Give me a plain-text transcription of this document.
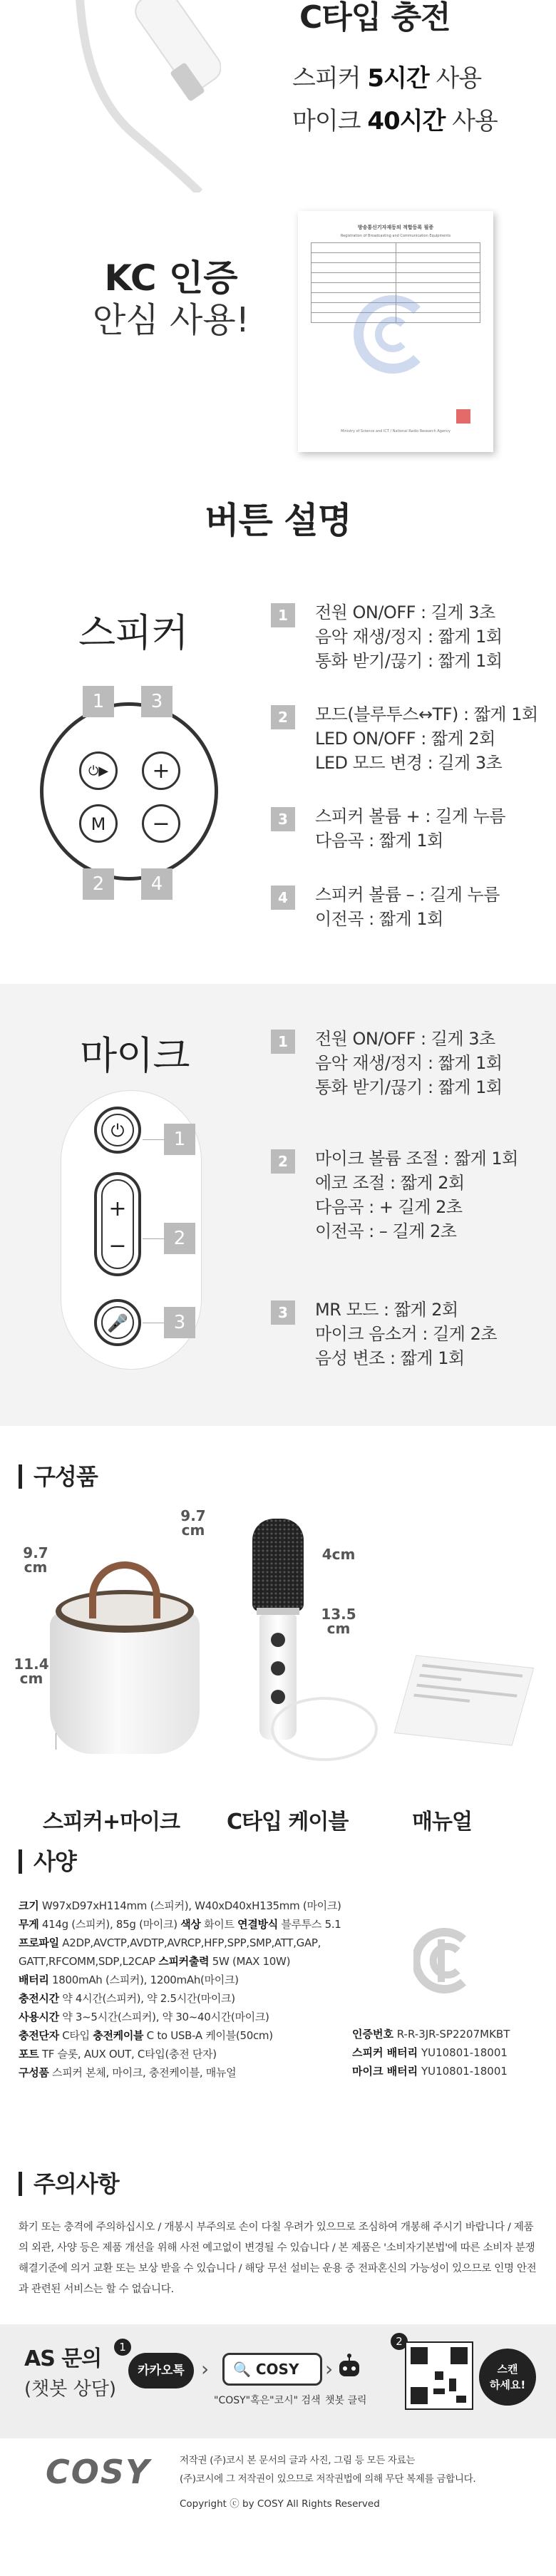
C타입 충전
스피커 5시간 사용
마이크 40시간 사용
KC 인증
안심 사용!
방송통신기자재등의 적합등록 필증
Registration of Broadcasting and Communication Equipments

Ministry of Science and ICT / National Radio Research Agency
버튼 설명
스피커
1	3
2	4
⏻▶	+
M	−
1	전원 ON/OFF : 길게 3초
음악 재생/정지 : 짧게 1회
통화 받기/끊기 : 짧게 1회
2	모드(블루투스↔TF) : 짧게 1회
LED ON/OFF : 짧게 2회
LED 모드 변경 : 길게 3초
3	스피커 볼륨 + : 길게 누름
다음곡 : 짧게 1회
4	스피커 볼륨 – : 길게 누름
이전곡 : 짧게 1회
마이크
⏻
+
−
🎤
1
2
3
1	전원 ON/OFF : 길게 3초
음악 재생/정지 : 짧게 1회
통화 받기/끊기 : 짧게 1회
2	마이크 볼륨 조절 : 짧게 1회
에코 조절 : 짧게 2회
다음곡 : + 길게 2초
이전곡 : – 길게 2초
3	MR 모드 : 짧게 2회
마이크 음소거 : 길게 2초
음성 변조 : 짧게 1회
구성품
9.7
cm
9.7
cm
11.4
cm
4cm
13.5
cm
스피커+마이크 C타입 케이블	매뉴얼
사양
크기 W97xD97xH114mm (스피커), W40xD40xH135mm (마이크)
무게 414g (스피커), 85g (마이크) 색상 화이트 연결방식 블루투스 5.1
프로파일 A2DP,AVCTP,AVDTP,AVRCP,HFP,SPP,SMP,ATT,GAP,
GATT,RFCOMM,SDP,L2CAP 스피커출력 5W (MAX 10W)
배터리 1800mAh (스피커), 1200mAh(마이크)
충전시간 약 4시간(스피커), 약 2.5시간(마이크)
사용시간 약 3~5시간(스피커), 약 30~40시간(마이크)
충전단자 C타입 충전케이블 C to USB-A 케이블(50cm)
포트 TF 슬롯, AUX OUT, C타입(충전 단자)
구성품 스피커 본체, 마이크, 충전케이블, 매뉴얼
인증번호 R-R-3JR-SP2207MKBT
스피커 배터리 YU10801-18001
마이크 배터리 YU10801-18001
주의사항
화기 또는 충격에 주의하십시오 / 개봉시 부주의로 손이 다칠 우려가 있으므로 조심하여 개봉해 주시기 바랍니다 / 제품의 외관, 사양 등은 제품 개선을 위해 사전 예고없이 변경될 수 있습니다 / 본 제품은 '소비자기본법'에 따른 소비자 분쟁 해결기준에 의거 교환 또는 보상 받을 수 있습니다 / 해당 무선 설비는 운용 중 전파혼신의 가능성이 있으므로 인명 안전과 관련된 서비스는 할 수 없습니다.
AS 문의
(챗봇 상담)
1
카카오톡 ›	🔍 COSY
"COSY"혹은"코시" 검색
›
챗봇 클릭
2
스캔
하세요!
COSY	저작권 (주)코시 본 문서의 글과 사진, 그림 등 모든 자료는
(주)코시에 그 저작권이 있으므로 저작권법에 의해 무단 복제를 금합니다.
Copyright ⓒ by COSY All Rights Reserved
